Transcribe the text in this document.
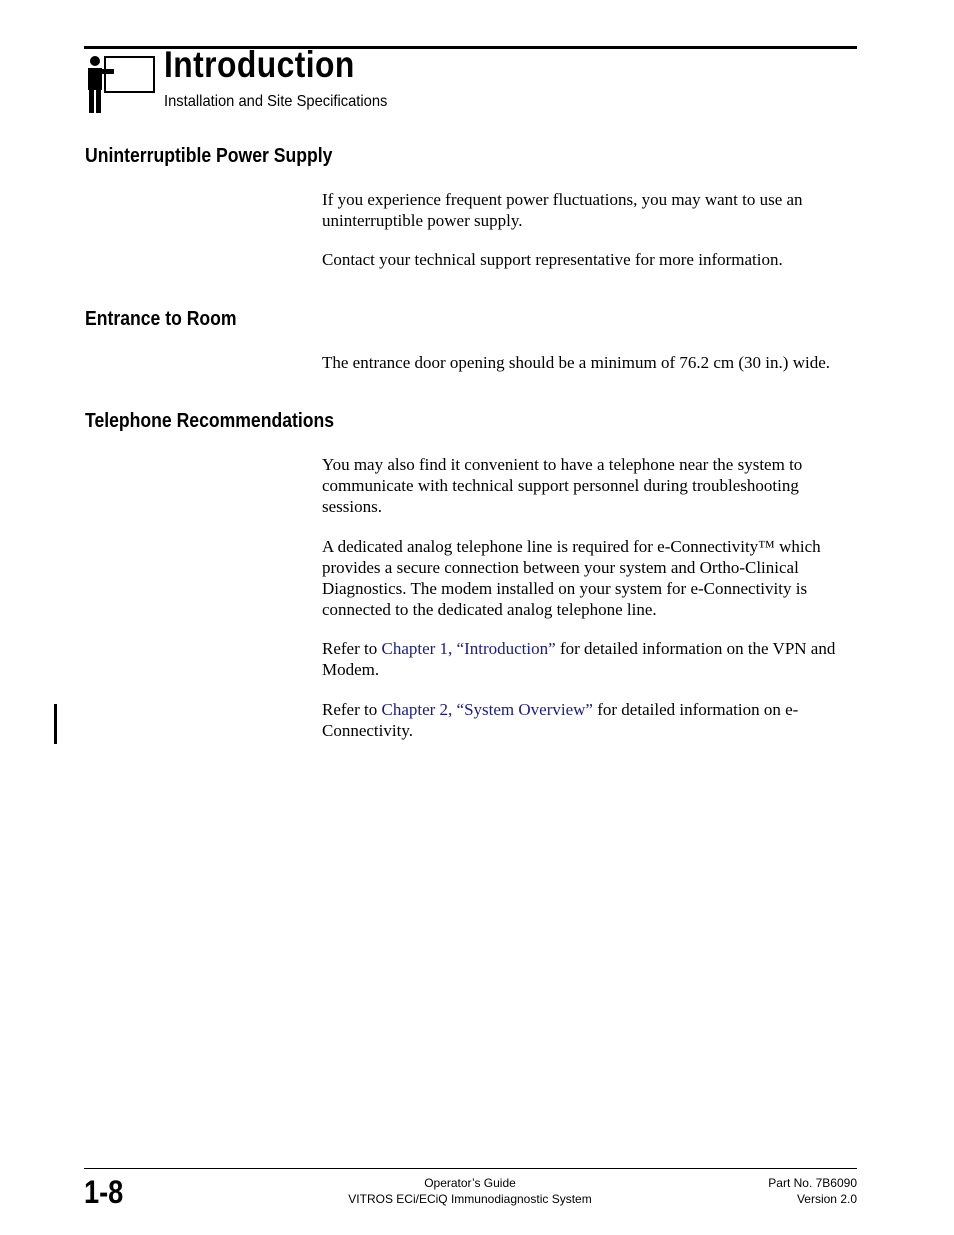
Introduction
Installation and Site Specifications
Uninterruptible Power Supply
If you experience frequent power fluctuations, you may want to use an uninterruptible power supply.
Contact your technical support representative for more information.
Entrance to Room
The entrance door opening should be a minimum of 76.2 cm (30 in.) wide.
Telephone Recommendations
You may also find it convenient to have a telephone near the system to communicate with technical support personnel during troubleshooting sessions.
A dedicated analog telephone line is required for e-Connectivity™ which provides a secure connection between your system and Ortho-Clinical Diagnostics. The modem installed on your system for e-Connectivity is connected to the dedicated analog telephone line.
Refer to Chapter 1, “Introduction” for detailed information on the VPN and Modem.
Refer to Chapter 2, “System Overview” for detailed information on e-Connectivity.
1-8	Operator’s Guide
VITROS ECi/ECiQ Immunodiagnostic System
Part No. 7B6090
Version 2.0
